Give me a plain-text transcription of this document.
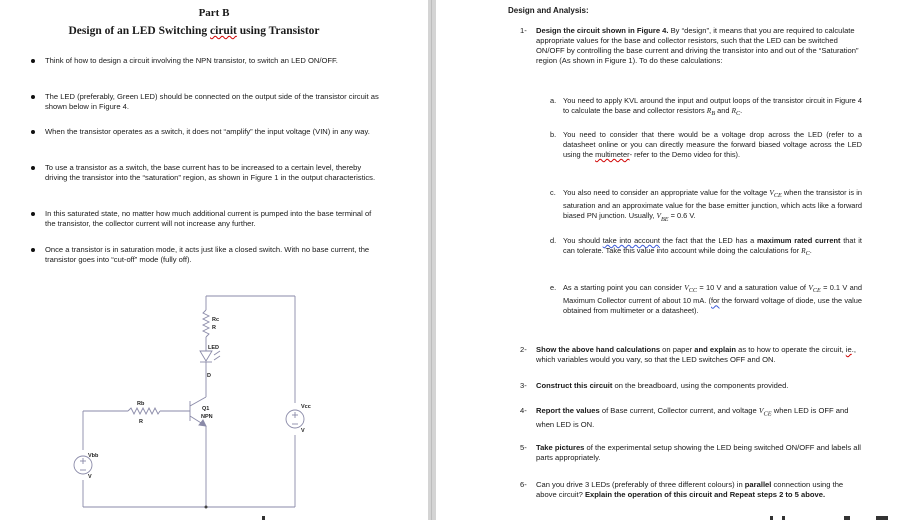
Part B
Design of an LED Switching ciruit using Transistor
Think of how to design a circuit involving the NPN transistor, to switch an LED ON/OFF.
The LED (preferably, Green LED) should be connected on the output side of the transistor circuit as shown below in Figure 4.
When the transistor operates as a switch, it does not “amplify” the input voltage (VIN) in any way.
To use a transistor as a switch, the base current has to be increased to a certain level, thereby driving the transistor into the “saturation” region, as shown in Figure 1 in the output characteristics.
In this saturated state, no matter how much additional current is pumped into the base terminal of the transistor, the collector current will not increase any further.
Once a transistor is in saturation mode, it acts just like a closed switch. With no base current, the transistor goes into “cut-off” mode (fully off).
Rc
R
LED
D
Rb
R
Q1
NPN
Vcc
V
Vbb
V
Design and Analysis:
1- Design the circuit shown in Figure 4. By “design”, it means that you are required to calculate appropriate values for the base and collector resistors, such that the LED can be switched ON/OFF by controlling the base current and driving the transistor into and out of the “Saturation” region (As shown in Figure 1). To do these calculations:
a. You need to apply KVL around the input and output loops of the transistor circuit in Figure 4 to calculate the base and collector resistors $R_B$ and $R_C$.
b. You need to consider that there would be a voltage drop across the LED (refer to a datasheet online or you can directly measure the forward biased voltage across the LED using the multimeter- refer to the Demo video for this).
c. You also need to consider an appropriate value for the voltage $V_{CE}$ when the transistor is in saturation and an approximate value for the base emitter junction, which acts like a forward biased PN junction. Usually, $V_{BE} = 0.6$ V.
d. You should take into account the fact that the LED has a maximum rated current that it can tolerate. Take this value into account while doing the calculations for $R_C$.
e. As a starting point you can consider $V_{CC} = 10$ V and a saturation value of $V_{CE} = 0.1$ V and Maximum Collector current of about 10 mA. (for the forward voltage of diode, use the value obtained from multimeter or a datasheet).
2- Show the above hand calculations on paper and explain as to how to operate the circuit, ie., which variables would you vary, so that the LED switches OFF and ON.
3- Construct this circuit on the breadboard, using the components provided.
4- Report the values of Base current, Collector current, and voltage $V_{CE}$ when LED is OFF and when LED is ON.
5- Take pictures of the experimental setup showing the LED being switched ON/OFF and labels all parts appropriately.
6- Can you drive 3 LEDs (preferably of three different colours) in parallel connection using the above circuit? Explain the operation of this circuit and Repeat steps 2 to 5 above.
